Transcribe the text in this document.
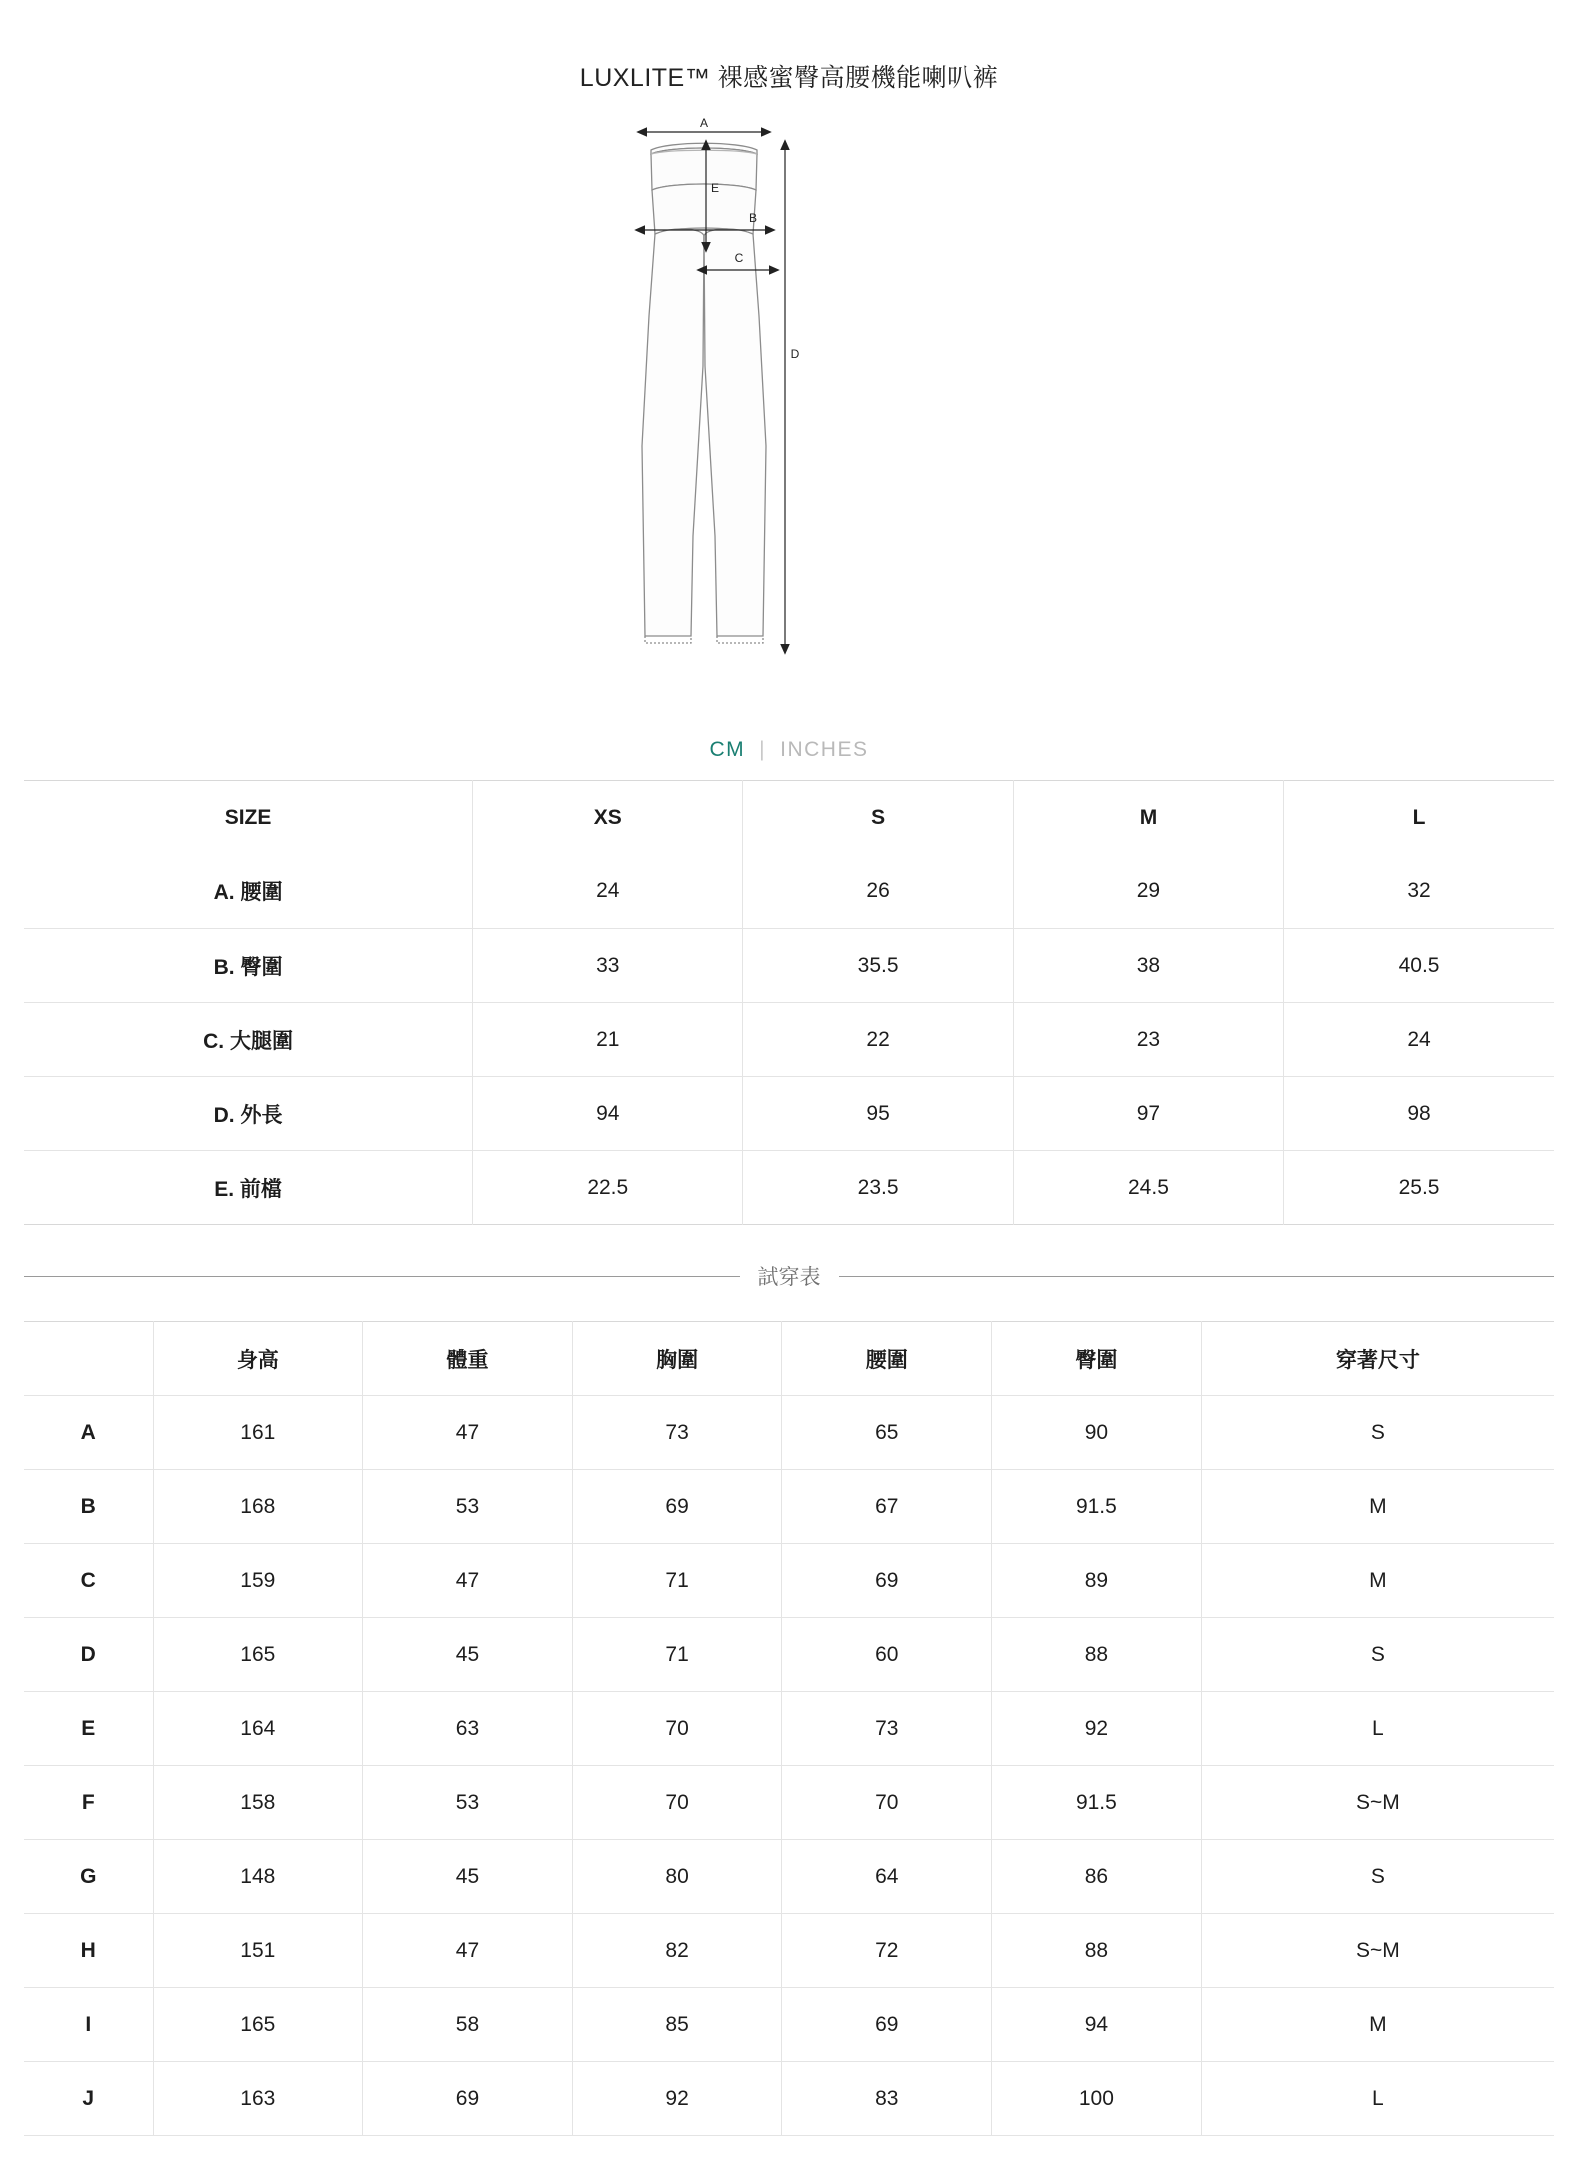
LUXLITE™ 裸感蜜臀高腰機能喇叭裤
A
E
B
C
D
CM | INCHES
SIZE	XS	S	M	L
A. 腰圍	24	26	29	32
B. 臀圍	33	35.5	38	40.5
C. 大腿圍	21	22	23	24
D. 外長	94	95	97	98
E. 前檔	22.5	23.5	24.5	25.5
試穿表
	身高	體重	胸圍	腰圍	臀圍	穿著尺寸
A	161	47	73	65	90	S
B	168	53	69	67	91.5	M
C	159	47	71	69	89	M
D	165	45	71	60	88	S
E	164	63	70	73	92	L
F	158	53	70	70	91.5	S~M
G	148	45	80	64	86	S
H	151	47	82	72	88	S~M
I	165	58	85	69	94	M
J	163	69	92	83	100	L
